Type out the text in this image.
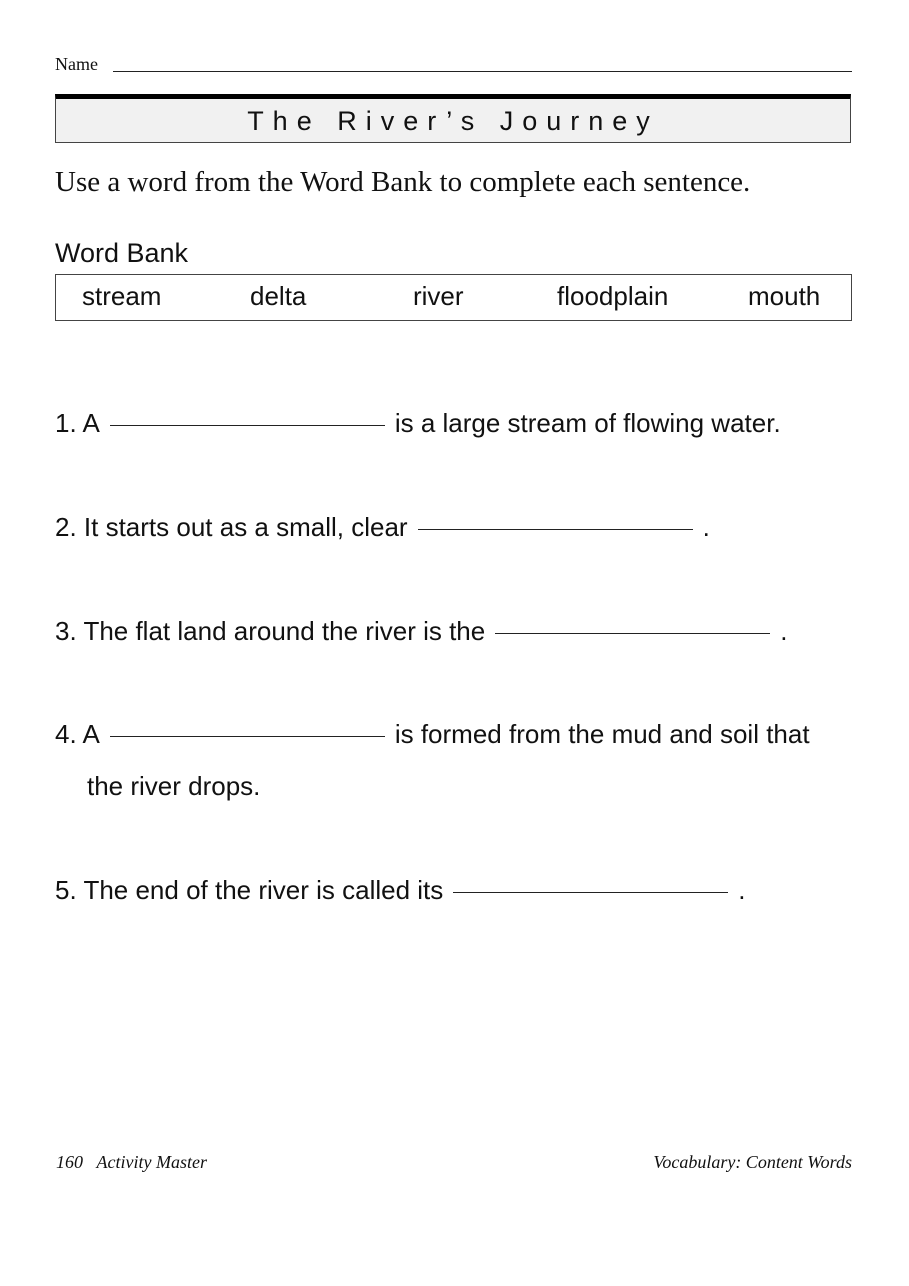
Name
The River’s Journey
Use a word from the Word Bank to complete each sentence.
Word Bank
stream	delta	river	floodplain	mouth
1. A	is a large stream of flowing water.
2. It starts out as a small, clear	.
3. The flat land around the river is the	.
4. A	is formed from the mud and soil that
the river drops.
5. The end of the river is called its	.
160 Activity Master	Vocabulary: Content Words
